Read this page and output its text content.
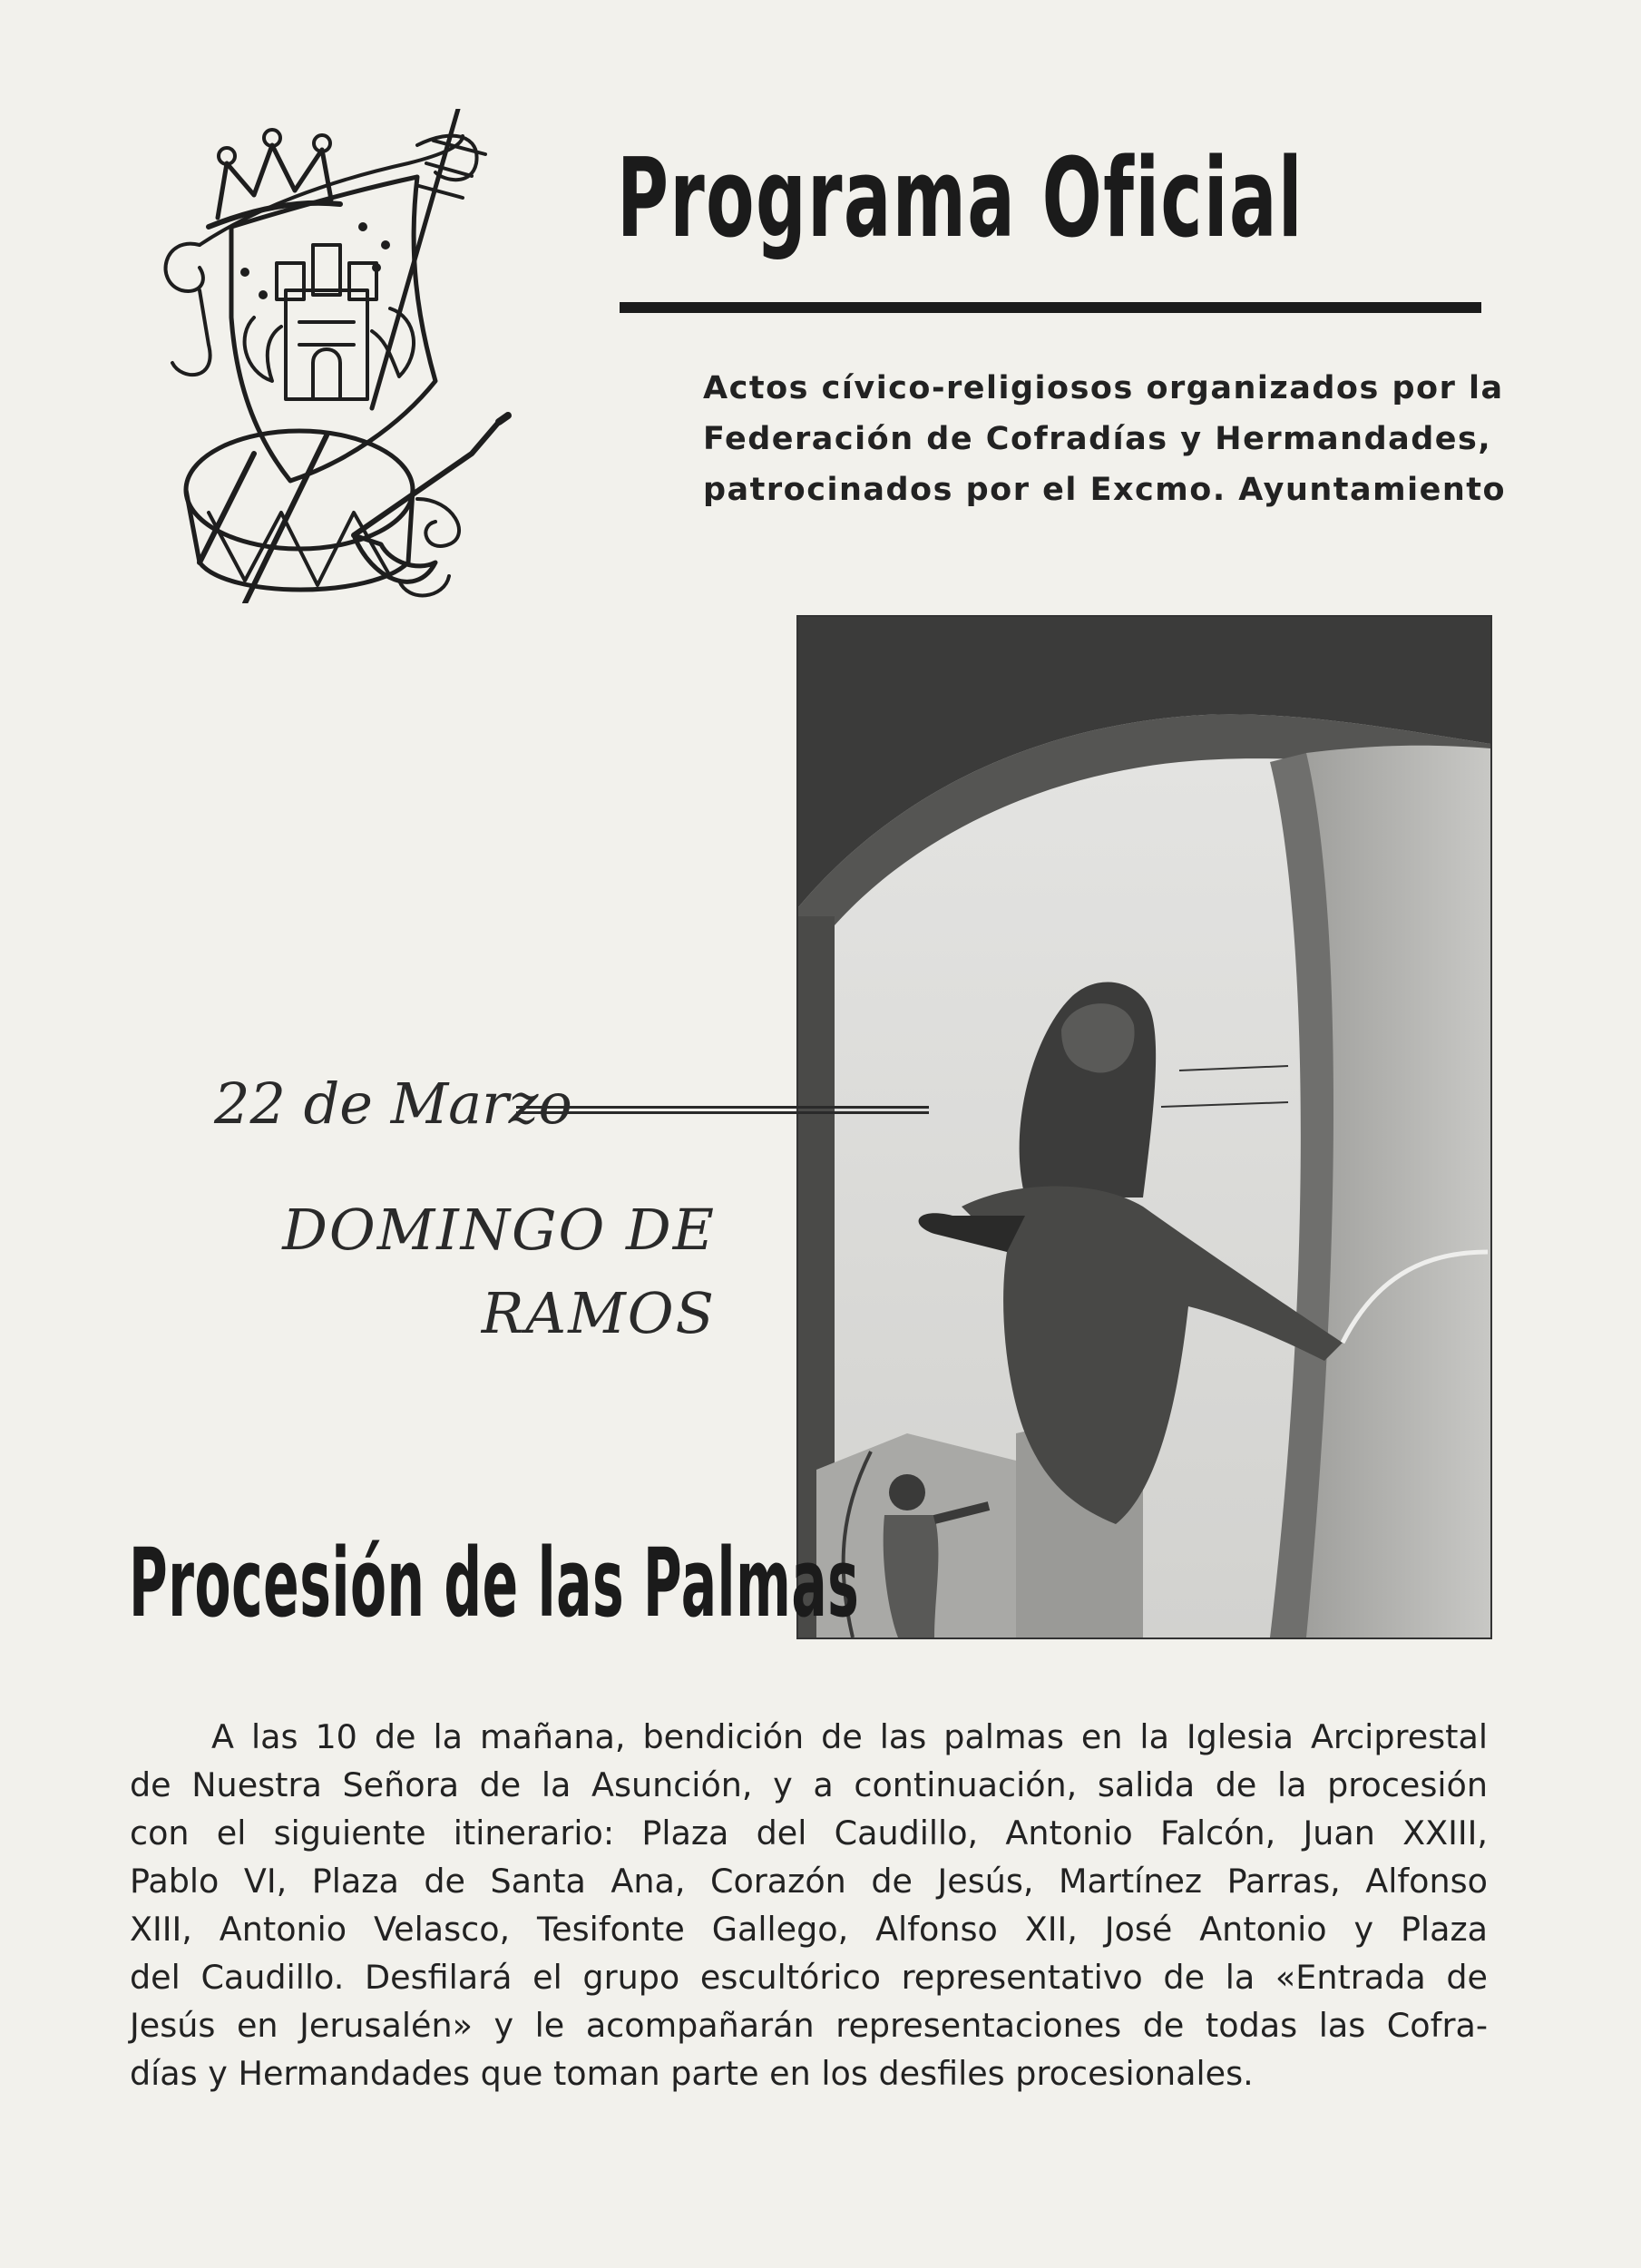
Programa Oficial
Actos cívico-religiosos organizados por la
Federación de Cofradías y Hermandades,
patrocinados por el Excmo. Ayuntamiento
22 de Marzo
DOMINGO DE
RAMOS
Procesión de las Palmas
A las 10 de la mañana, bendición de las palmas en la Iglesia Arciprestal
de Nuestra Señora de la Asunción, y a continuación, salida de la procesión
con el siguiente itinerario: Plaza del Caudillo, Antonio Falcón, Juan XXIII,
Pablo VI, Plaza de Santa Ana, Corazón de Jesús, Martínez Parras, Alfonso
XIII, Antonio Velasco, Tesifonte Gallego, Alfonso XII, José Antonio y Plaza
del Caudillo. Desfilará el grupo escultórico representativo de la «Entrada de
Jesús en Jerusalén» y le acompañarán representaciones de todas las Cofra-
días y Hermandades que toman parte en los desfiles procesionales.
